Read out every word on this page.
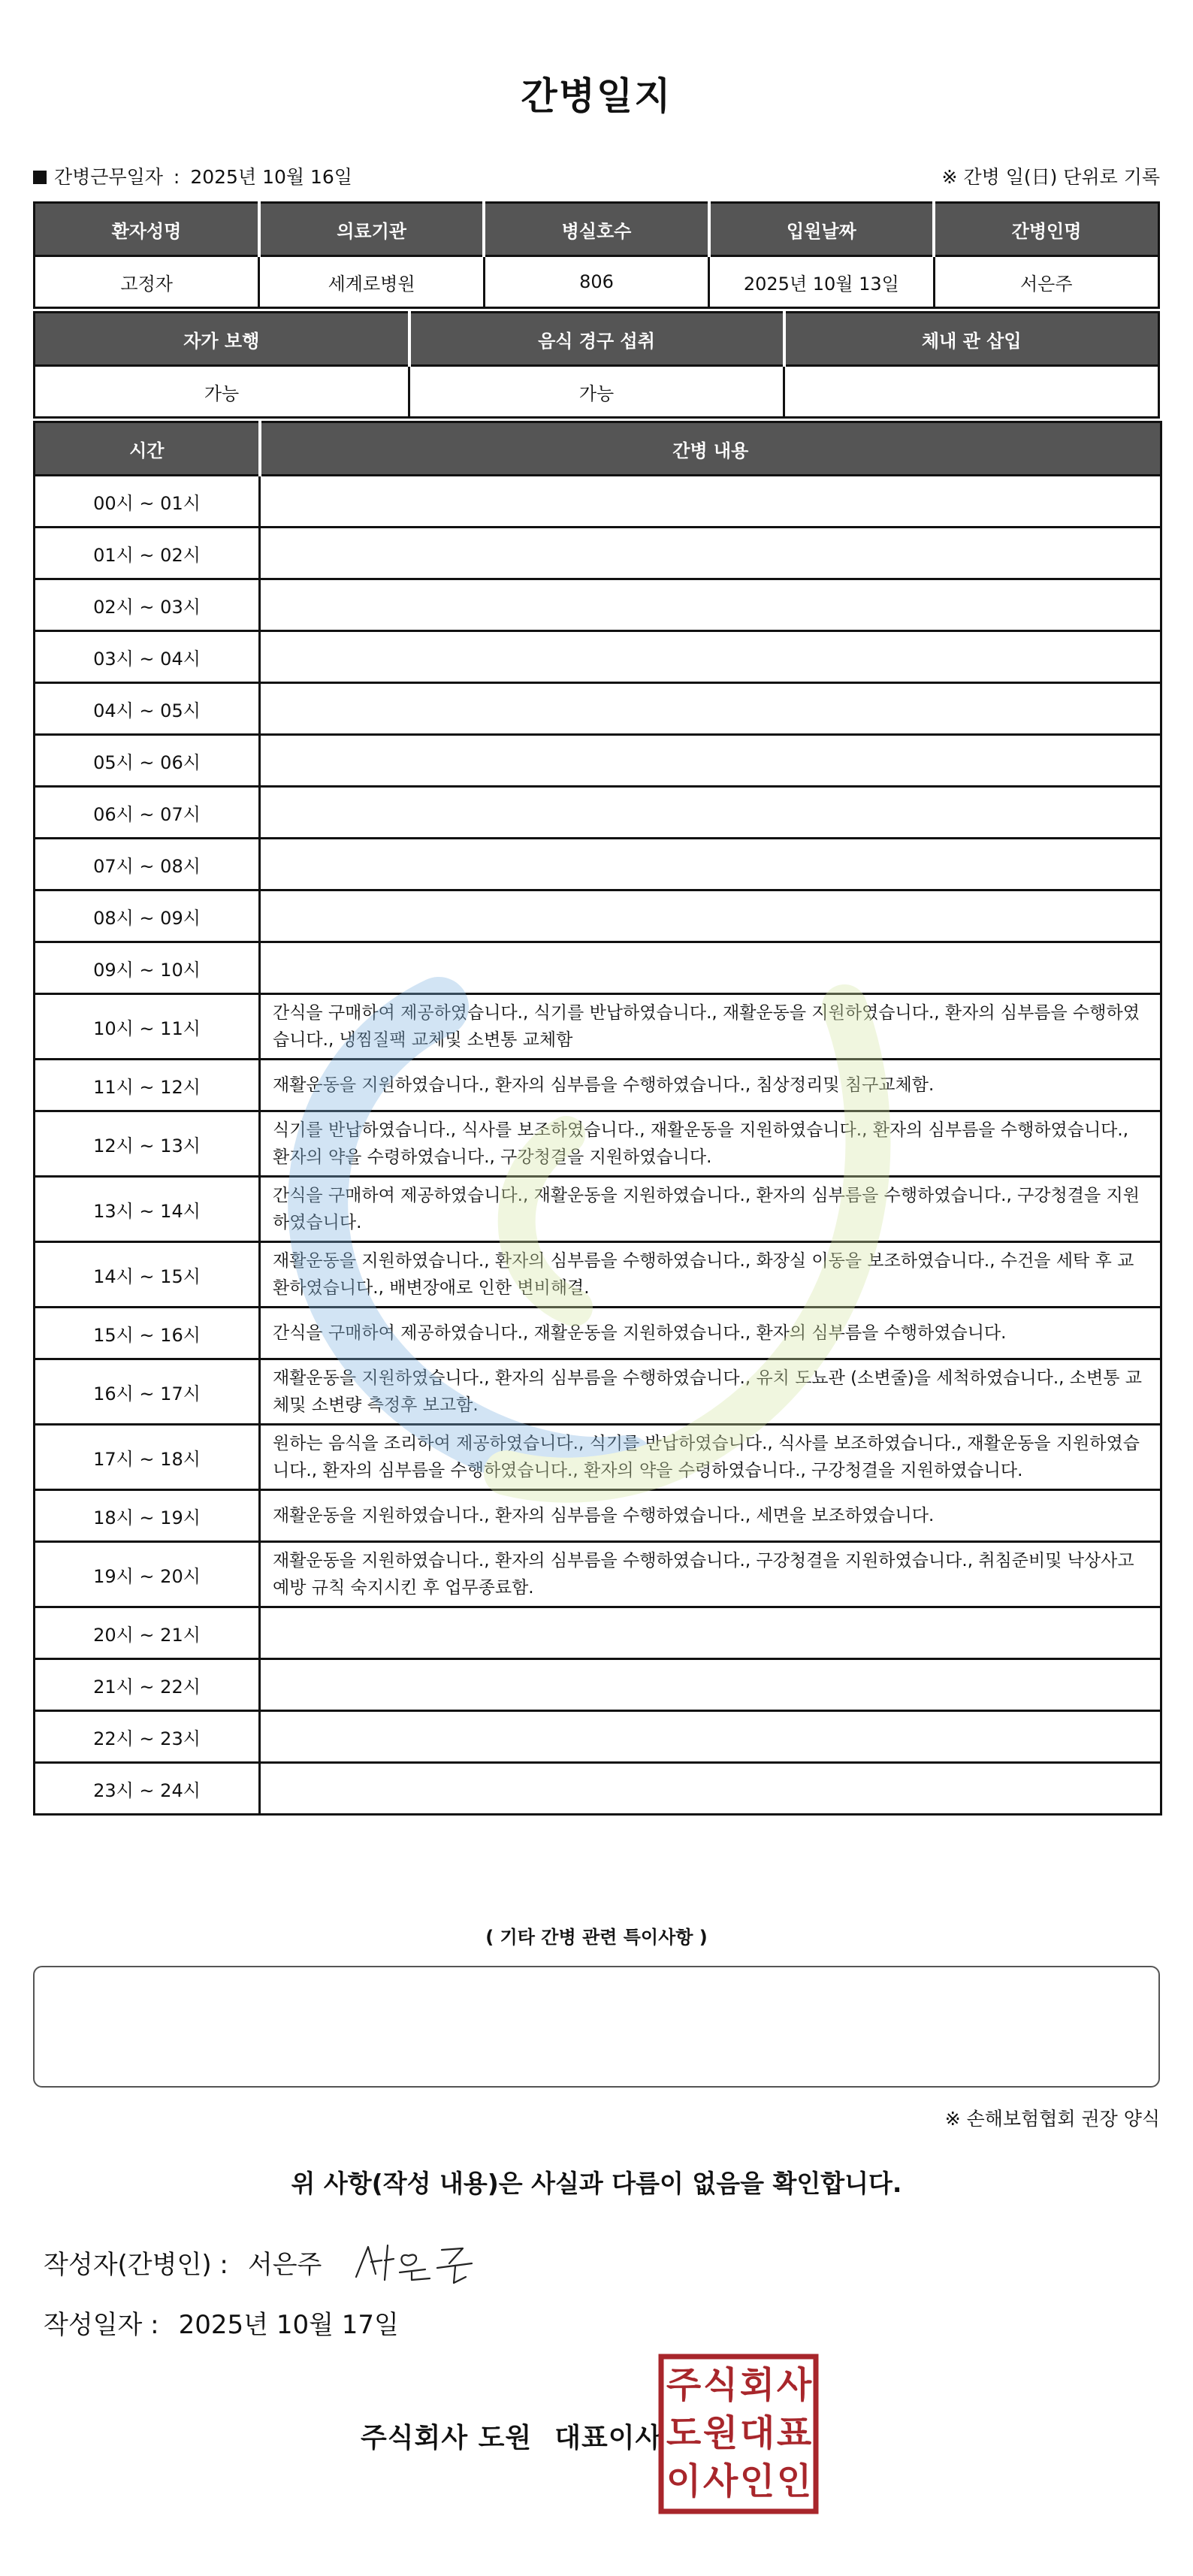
간병일지
간병근무일자 : 2025년 10월 16일	※ 간병 일(日) 단위로 기록
환자성명	의료기관	병실호수	입원날짜	간병인명
고정자	세계로병원	806	2025년 10월 13일	서은주
자가 보행	음식 경구 섭취	체내 관 삽입
가능	가능	
시간	간병 내용
00시 ~ 01시	
01시 ~ 02시	
02시 ~ 03시	
03시 ~ 04시	
04시 ~ 05시	
05시 ~ 06시	
06시 ~ 07시	
07시 ~ 08시	
08시 ~ 09시	
09시 ~ 10시	
10시 ~ 11시	간식을 구매하여 제공하였습니다., 식기를 반납하였습니다., 재활운동을 지원하였습니다., 환자의 심부름을 수행하였습니다., 냉찜질팩 교체및 소변통 교체함
11시 ~ 12시	재활운동을 지원하였습니다., 환자의 심부름을 수행하였습니다., 침상정리및 침구교체함.
12시 ~ 13시	식기를 반납하였습니다., 식사를 보조하였습니다., 재활운동을 지원하였습니다., 환자의 심부름을 수행하였습니다., 환자의 약을 수령하였습니다., 구강청결을 지원하였습니다.
13시 ~ 14시	간식을 구매하여 제공하였습니다., 재활운동을 지원하였습니다., 환자의 심부름을 수행하였습니다., 구강청결을 지원하였습니다.
14시 ~ 15시	재활운동을 지원하였습니다., 환자의 심부름을 수행하였습니다., 화장실 이동을 보조하였습니다., 수건을 세탁 후 교환하였습니다., 배변장애로 인한 변비해결.
15시 ~ 16시	간식을 구매하여 제공하였습니다., 재활운동을 지원하였습니다., 환자의 심부름을 수행하였습니다.
16시 ~ 17시	재활운동을 지원하였습니다., 환자의 심부름을 수행하였습니다., 유치 도뇨관 (소변줄)을 세척하였습니다., 소변통 교체및 소변량 측정후 보고함.
17시 ~ 18시	원하는 음식을 조리하여 제공하였습니다., 식기를 반납하였습니다., 식사를 보조하였습니다., 재활운동을 지원하였습니다., 환자의 심부름을 수행하였습니다., 환자의 약을 수령하였습니다., 구강청결을 지원하였습니다.
18시 ~ 19시	재활운동을 지원하였습니다., 환자의 심부름을 수행하였습니다., 세면을 보조하였습니다.
19시 ~ 20시	재활운동을 지원하였습니다., 환자의 심부름을 수행하였습니다., 구강청결을 지원하였습니다., 취침준비및 낙상사고 예방 규칙 숙지시킨 후 업무종료함.
20시 ~ 21시	
21시 ~ 22시	
22시 ~ 23시	
23시 ~ 24시	
( 기타 간병 관련 특이사항 )
※ 손해보험협회 권장 양식
위 사항(작성 내용)은 사실과 다름이 없음을 확인합니다.
작성자(간병인) : 서은주
작성일자 : 2025년 10월 17일
주식회사 도원 대표이사
주 식 회 사
도 원 대 표
이 사 인 인
